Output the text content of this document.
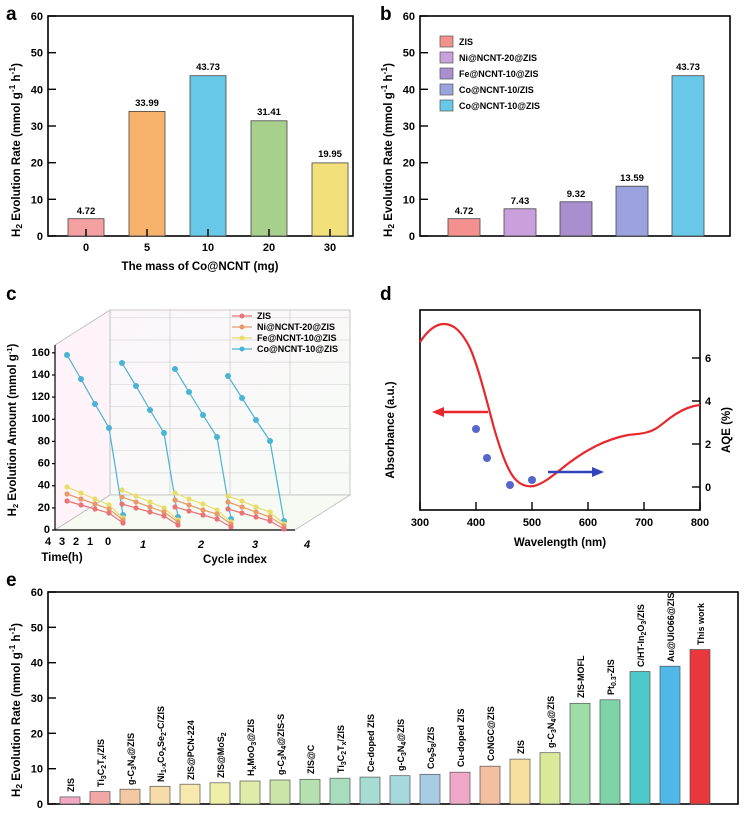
a
H2 Evolution Rate (mmol $g^{-1}$ $h^{-1}$)
0
10
20
30
40
50
60
4.72
33.99
43.73
31.41
19.95
0	5	10	20	30
The mass of Co@NCNT (mg)
b
H2 Evolution Rate (mmol $g^{-1}$ $h^{-1}$)
0
10
20
30
40
50
60
ZIS
Ni@NCNT-20@ZIS
Fe@NCNT-10@ZIS
Co@NCNT-10/ZIS
Co@NCNT-10@ZIS
4.72
7.43
9.32
13.59
43.73
c
H2 Evolution Amount (mmol $g^{-1}$)
0
20
40
60
80
100
120
140
160
4 3 2 1 0
Time(h)
1	2	3	4
Cycle index
ZIS
Ni@NCNT-20@ZIS
Fe@NCNT-10@ZIS
Co@NCNT-10@ZIS
d
Absorbance (a.u.)	AQE (%)
0
2
4
6
300	400	500	600	700	800
Wavelength (nm)
e
H2 Evolution Rate (mmol $g^{-1}$ $h^{-1}$)
0
10
20
30
40
50
60
ZIS Ti3C2Tx/ZIS
g-C3N4@ZIS
Ni1-xCoxSe2-C/ZIS
ZIS@PCN-224 ZIS@MoS2
HxMoO3@ZIS
g-C3N4@ZIS-S
ZIS@C Ti3C2Tx/ZIS Ce-doped ZIS g-C3N4@ZIS
Co9S8/ZIS Cu-doped ZIS CoNGC@ZIS ZIS g-C3N4@ZIS
ZIS-MOFL Pt0.3-ZIS
C/HT-In2O3/ZIS Au@UiO66@ZIS This work
